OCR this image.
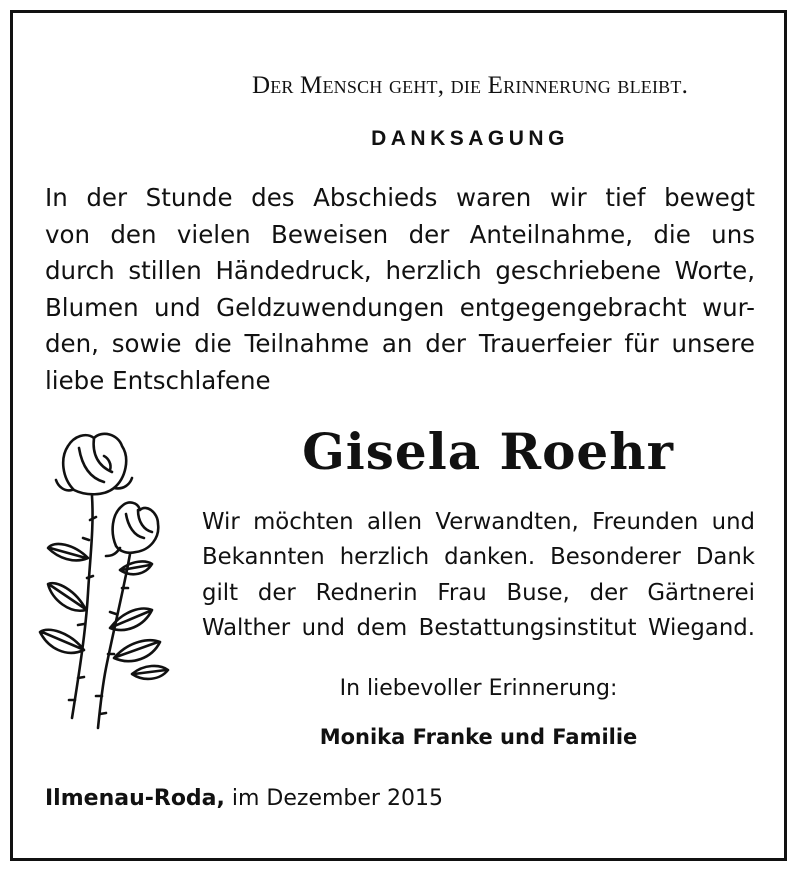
Der Mensch geht, die Erinnerung bleibt.
DANKSAGUNG
In der Stunde des Abschieds waren wir tief bewegt
von den vielen Beweisen der Anteilnahme, die uns
durch stillen Händedruck, herzlich geschriebene Worte,
Blumen und Geldzuwendungen entgegengebracht wur-
den, sowie die Teilnahme an der Trauerfeier für unsere
liebe Entschlafene
Gisela Roehr
Wir möchten allen Verwandten, Freunden und
Bekannten herzlich danken. Besonderer Dank
gilt der Rednerin Frau Buse, der Gärtnerei
Walther und dem Bestattungsinstitut Wiegand.
In liebevoller Erinnerung:
Monika Franke und Familie
Ilmenau-Roda, im Dezember 2015
